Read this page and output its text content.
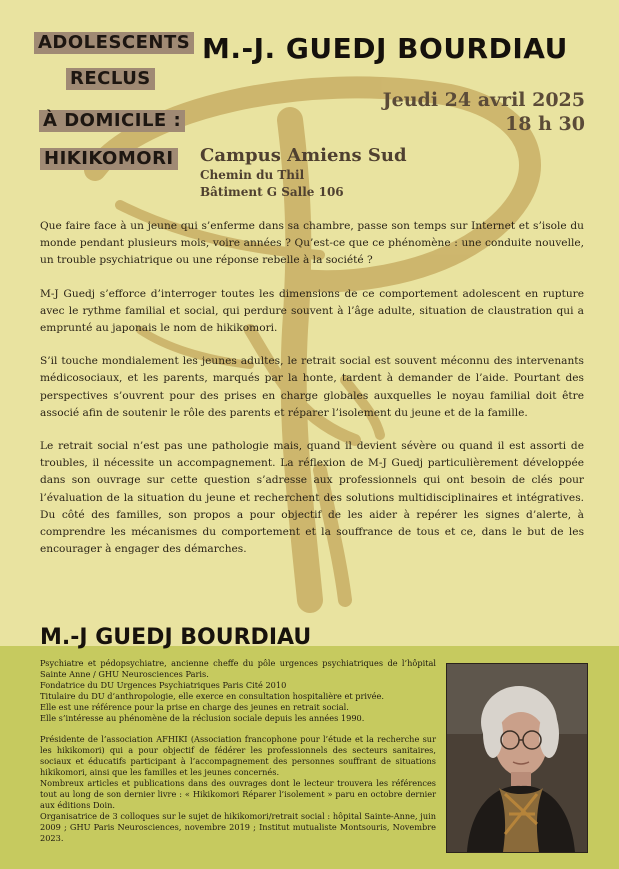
ADOLESCENTS
RECLUS
À DOMICILE :
HIKIKOMORI
M.-J. GUEDJ BOURDIAU
Jeudi 24 avril 2025
18 h 30
Campus Amiens Sud
Chemin du Thil
Bâtiment G Salle 106

Que faire face à un jeune qui s’enferme dans sa chambre, passe son temps sur Internet et s’isole du monde pendant plusieurs mois, voire années ? Qu’est-ce que ce phénomène : une conduite nouvelle, un trouble psychiatrique ou une réponse rebelle à la société ?

M-J Guedj s’efforce d’interroger toutes les dimensions de ce comportement adolescent en rupture avec le rythme familial et social, qui perdure souvent à l’âge adulte, situation de claustration qui a emprunté au japonais le nom de hikikomori.

S’il touche mondialement les jeunes adultes, le retrait social est souvent méconnu des intervenants médicosociaux, et les parents, marqués par la honte, tardent à demander de l’aide. Pourtant des perspectives s’ouvrent pour des prises en charge globales auxquelles le noyau familial doit être associé afin de soutenir le rôle des parents et réparer l’isolement du jeune et de la famille.

Le retrait social n’est pas une pathologie mais, quand il devient sévère ou quand il est assorti de troubles, il nécessite un accompagnement. La réflexion de M-J Guedj particulièrement développée dans son ouvrage sur cette question s’adresse aux professionnels qui ont besoin de clés pour l’évaluation de la situation du jeune et recherchent des solutions multidisciplinaires et intégratives. Du côté des familles, son propos a pour objectif de les aider à repérer les signes d’alerte, à comprendre les mécanismes du comportement et la souffrance de tous et ce, dans le but de les encourager à engager des démarches.

M.-J GUEDJ BOURDIAU

Psychiatre et pédopsychiatre, ancienne cheffe du pôle urgences psychiatriques de l’hôpital Sainte Anne / GHU Neurosciences Paris.

Fondatrice du DU Urgences Psychiatriques Paris Cité 2010

Titulaire du DU d’anthropologie, elle exerce en consultation hospitalière et privée.

Elle est une référence pour la prise en charge des jeunes en retrait social.

Elle s’intéresse au phénomène de la réclusion sociale depuis les années 1990.

Présidente de l’association AFHIKI (Association francophone pour l’étude et la recherche sur les hikikomori) qui a pour objectif de fédérer les professionnels des secteurs sanitaires, sociaux et éducatifs participant à l’accompagnement des personnes souffrant de situations hikikomori, ainsi que les familles et les jeunes concernés.

Nombreux articles et publications dans des ouvrages dont le lecteur trouvera les références tout au long de son dernier livre : « Hikikomori Réparer l’isolement » paru en octobre dernier aux éditions Doin.

Organisatrice de 3 colloques sur le sujet de hikikomori/retrait social : hôpital Sainte-Anne, juin 2009 ; GHU Paris Neurosciences, novembre 2019 ; Institut mutualiste Montsouris, Novembre 2023.
